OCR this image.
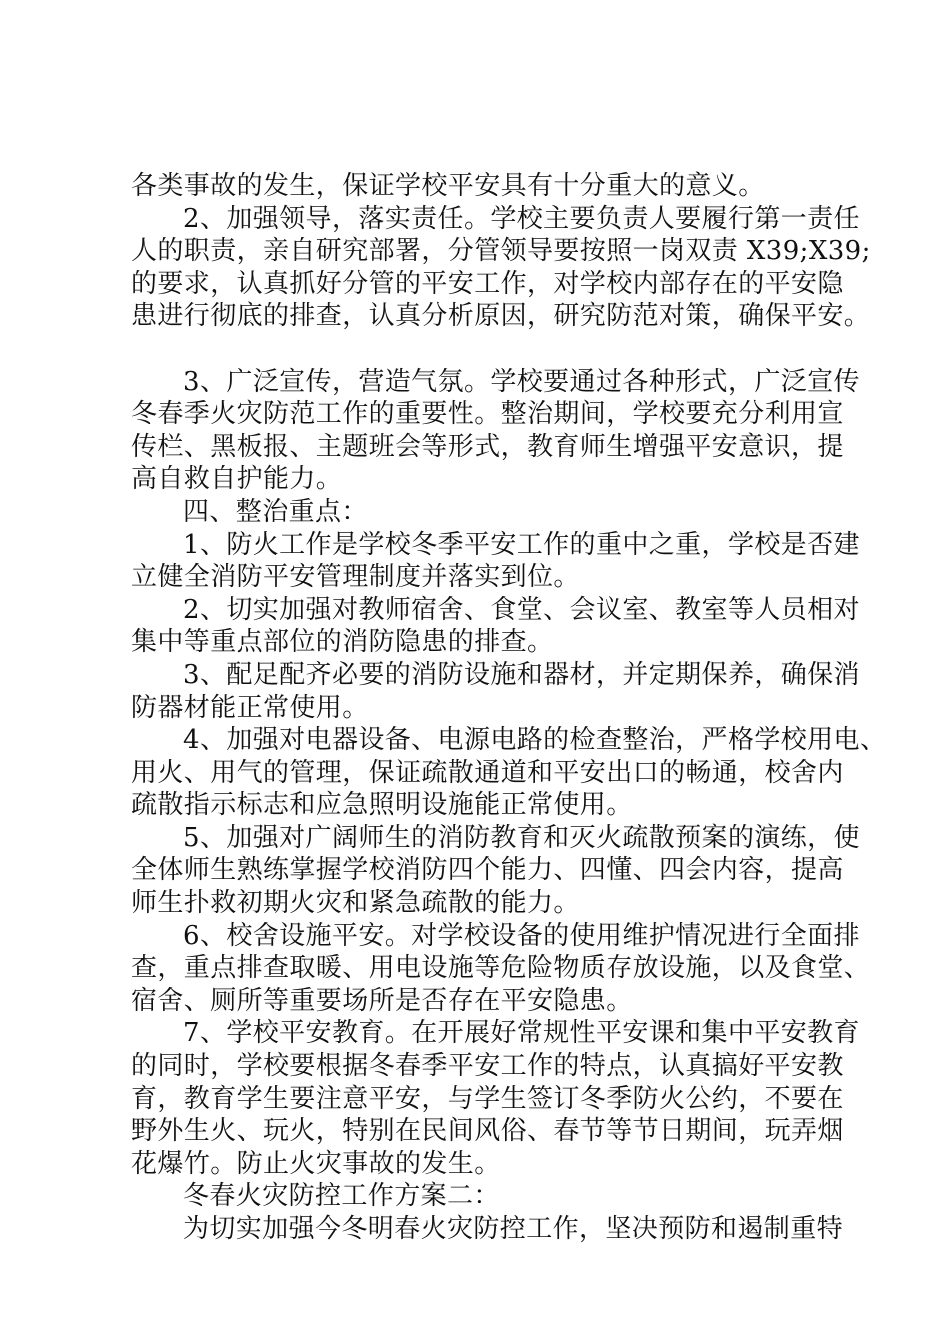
各类事故的发生，保证学校平安具有十分重大的意义。
2、加强领导，落实责任。学校主要负责人要履行第一责任
人的职责，亲自研究部署，分管领导要按照一岗双责 X39;X39;
的要求，认真抓好分管的平安工作，对学校内部存在的平安隐
患进行彻底的排查，认真分析原因，研究防范对策，确保平安。
3、广泛宣传，营造气氛。学校要通过各种形式，广泛宣传
冬春季火灾防范工作的重要性。整治期间，学校要充分利用宣
传栏、黑板报、主题班会等形式，教育师生增强平安意识，提
高自救自护能力。
四、整治重点：
1、防火工作是学校冬季平安工作的重中之重，学校是否建
立健全消防平安管理制度并落实到位。
2、切实加强对教师宿舍、食堂、会议室、教室等人员相对
集中等重点部位的消防隐患的排查。
3、配足配齐必要的消防设施和器材，并定期保养，确保消
防器材能正常使用。
4、加强对电器设备、电源电路的检查整治，严格学校用电、
用火、用气的管理，保证疏散通道和平安出口的畅通，校舍内
疏散指示标志和应急照明设施能正常使用。
5、加强对广阔师生的消防教育和灭火疏散预案的演练，使
全体师生熟练掌握学校消防四个能力、四懂、四会内容，提高
师生扑救初期火灾和紧急疏散的能力。
6、校舍设施平安。对学校设备的使用维护情况进行全面排
查，重点排查取暖、用电设施等危险物质存放设施，以及食堂、
宿舍、厕所等重要场所是否存在平安隐患。
7、学校平安教育。在开展好常规性平安课和集中平安教育
的同时，学校要根据冬春季平安工作的特点，认真搞好平安教
育，教育学生要注意平安，与学生签订冬季防火公约，不要在
野外生火、玩火，特别在民间风俗、春节等节日期间，玩弄烟
花爆竹。防止火灾事故的发生。
冬春火灾防控工作方案二：
为切实加强今冬明春火灾防控工作，坚决预防和遏制重特
